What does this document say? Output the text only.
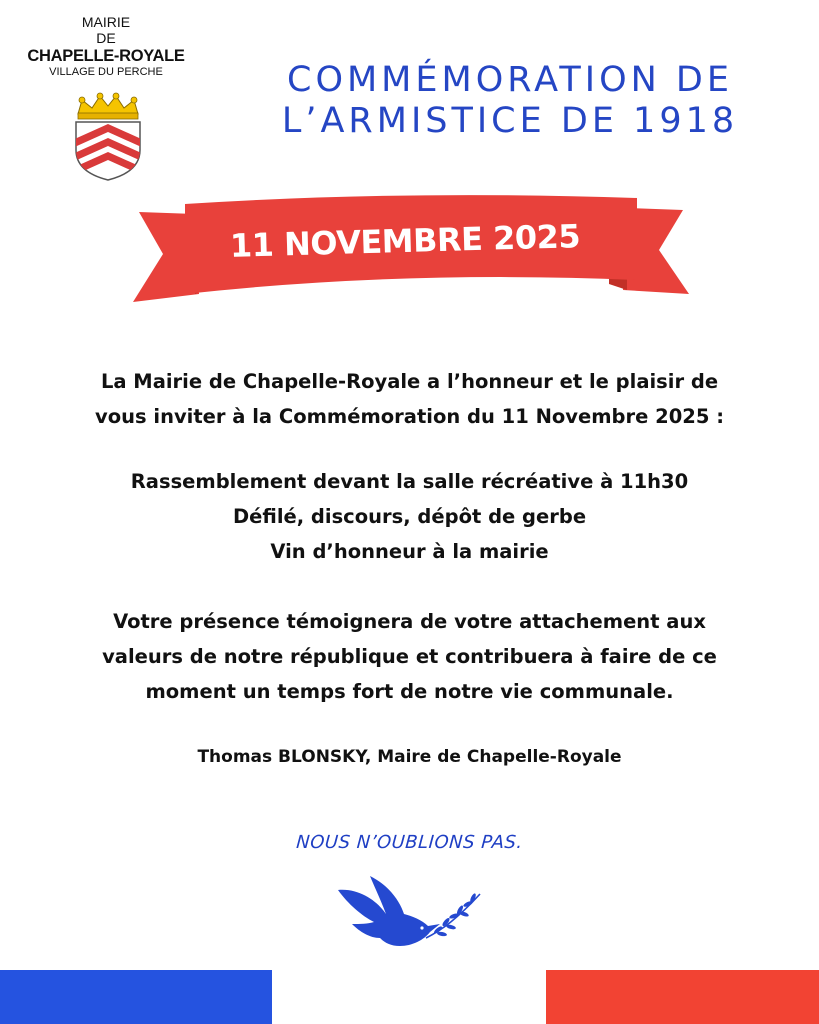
MAIRIE
DE
CHAPELLE-ROYALE
VILLAGE DU PERCHE	COMMÉMORATION DE
L’ARMISTICE DE 1918
11 NOVEMBRE 2025

La Mairie de Chapelle-Royale a l’honneur et le plaisir de
vous inviter à la Commémoration du 11 Novembre 2025 :

Rassemblement devant la salle récréative à 11h30
Défilé, discours, dépôt de gerbe
Vin d’honneur à la mairie

Votre présence témoignera de votre attachement aux
valeurs de notre république et contribuera à faire de ce
moment un temps fort de notre vie communale.

Thomas BLONSKY, Maire de Chapelle-Royale

NOUS N’OUBLIONS PAS.
